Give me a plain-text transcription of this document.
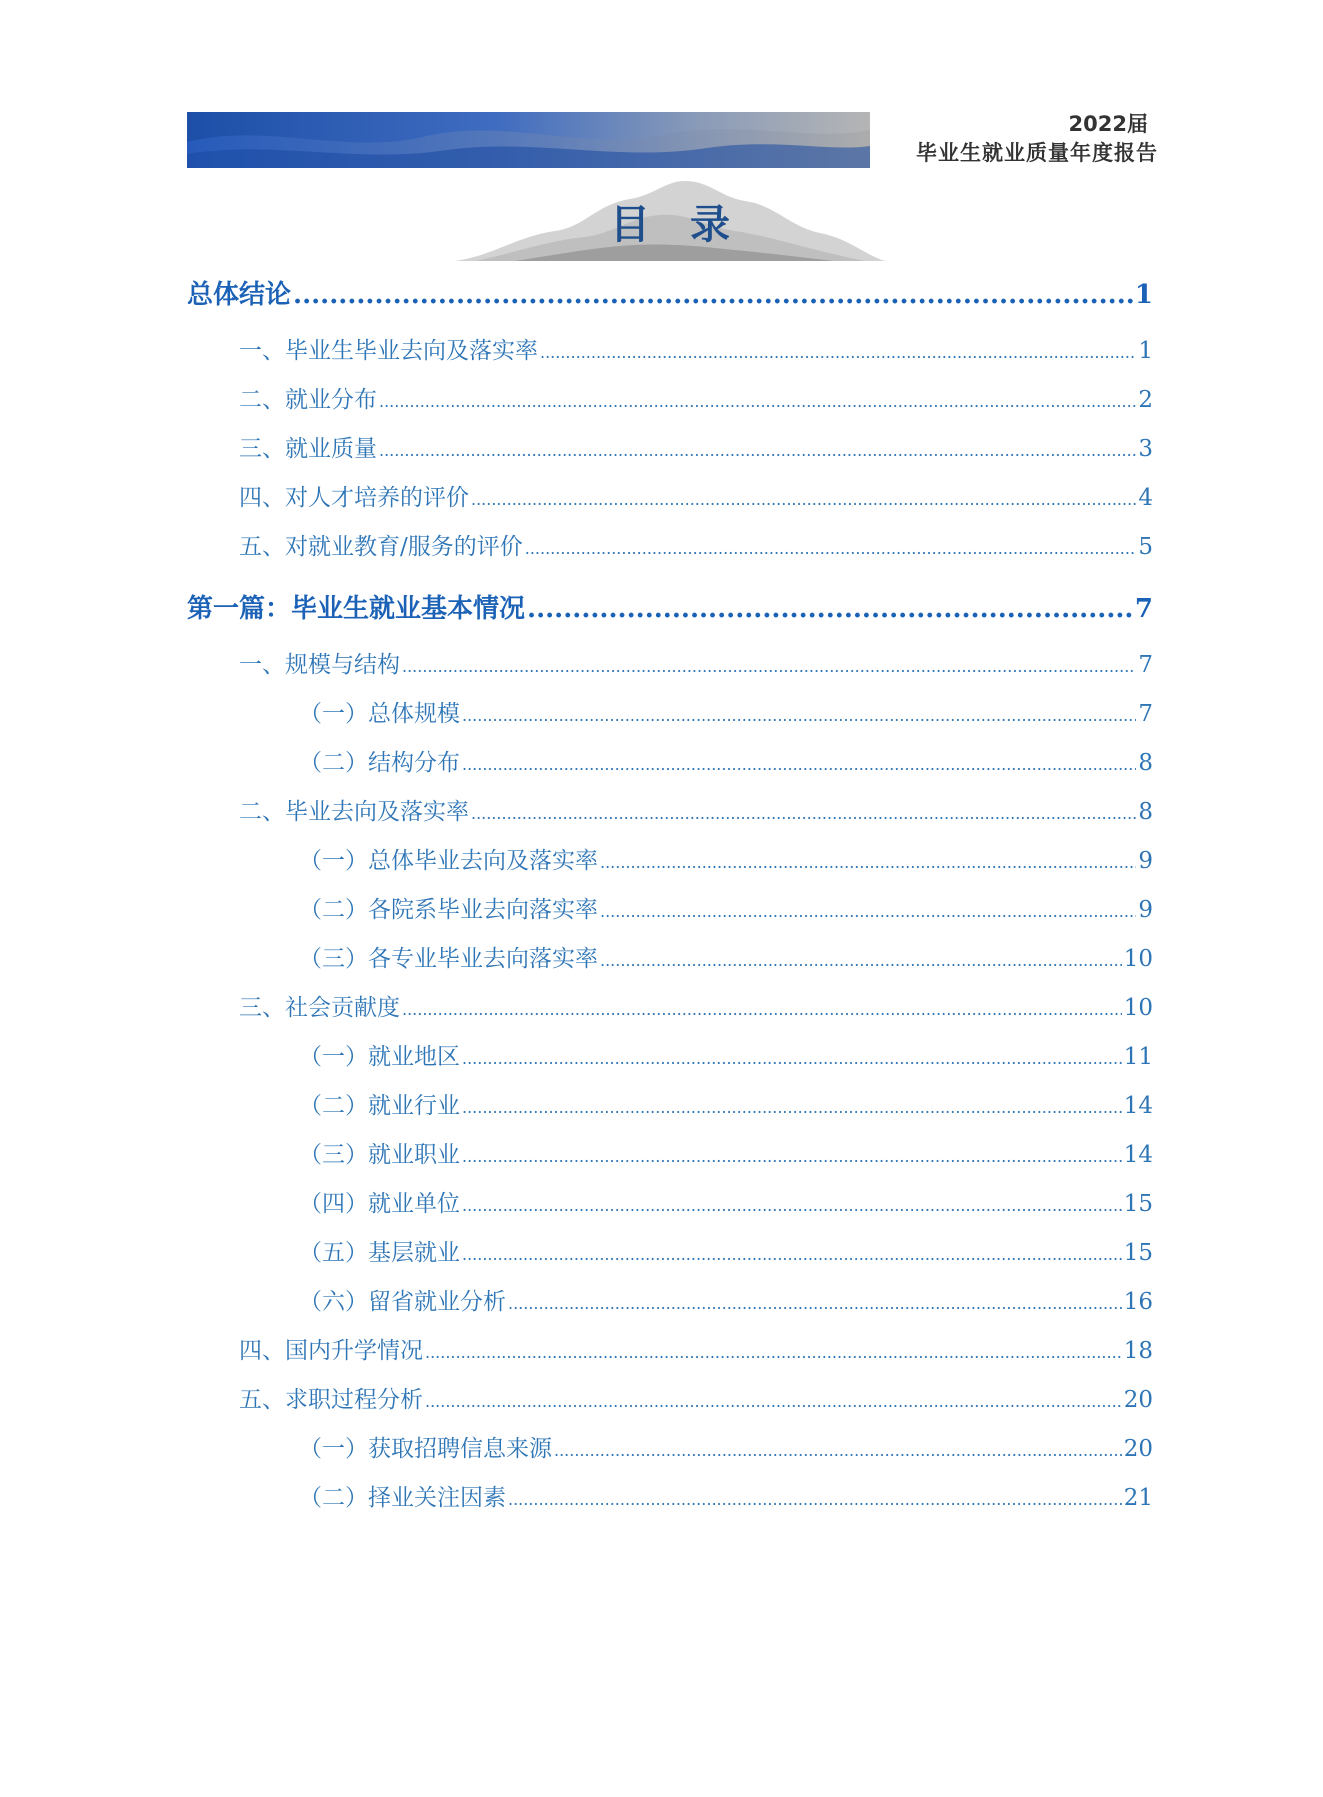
2022届
毕业生就业质量年度报告
目录
总体结论 .....	1
一、毕业生毕业去向及落实率 .....	1
二、就业分布 .....	2
三、就业质量 .....	3
四、对人才培养的评价 .....	4
五、对就业教育/服务的评价 .....	5
第一篇：毕业生就业基本情况 .....	7
一、规模与结构 .....	7
（一）总体规模 .....	7
（二）结构分布 .....	8
二、毕业去向及落实率 .....	8
（一）总体毕业去向及落实率 .....	9
（二）各院系毕业去向落实率 .....	9
（三）各专业毕业去向落实率 .....	10
三、社会贡献度 .....	10
（一）就业地区 .....	11
（二）就业行业 .....	14
（三）就业职业 .....	14
（四）就业单位 .....	15
（五）基层就业 .....	15
（六）留省就业分析 .....	16
四、国内升学情况 .....	18
五、求职过程分析 .....	20
（一）获取招聘信息来源 .....	20
（二）择业关注因素 .....	21
